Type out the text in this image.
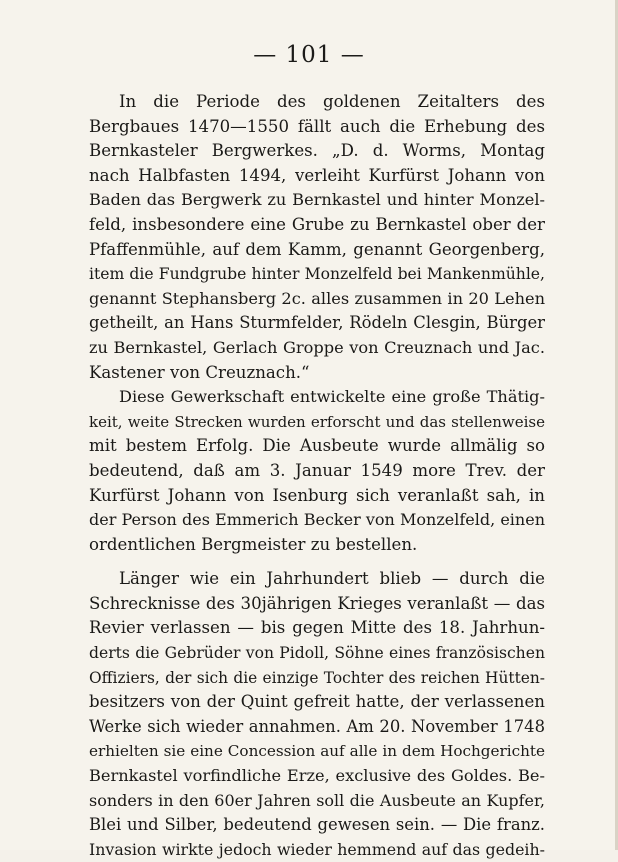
— 101 —
In die Periode des goldenen Zeitalters des
Bergbaues 1470—1550 fällt auch die Erhebung des
Bernkasteler Bergwerkes. „D. d. Worms, Montag
nach Halbfasten 1494, verleiht Kurfürst Johann von
Baden das Bergwerk zu Bernkastel und hinter Monzel-
feld, insbesondere eine Grube zu Bernkastel ober der
Pfaffenmühle, auf dem Kamm, genannt Georgenberg,
item die Fundgrube hinter Monzelfeld bei Mankenmühle,
genannt Stephansberg 2c. alles zusammen in 20 Lehen
getheilt, an Hans Sturmfelder, Rödeln Clesgin, Bürger
zu Bernkastel, Gerlach Groppe von Creuznach und Jac.
Kastener von Creuznach.“
Diese Gewerkschaft entwickelte eine große Thätig-
keit, weite Strecken wurden erforscht und das stellenweise
mit bestem Erfolg. Die Ausbeute wurde allmälig so
bedeutend, daß am 3. Januar 1549 more Trev. der
Kurfürst Johann von Isenburg sich veranlaßt sah, in
der Person des Emmerich Becker von Monzelfeld, einen
ordentlichen Bergmeister zu bestellen.
Länger wie ein Jahrhundert blieb — durch die
Schrecknisse des 30jährigen Krieges veranlaßt — das
Revier verlassen — bis gegen Mitte des 18. Jahrhun-
derts die Gebrüder von Pidoll, Söhne eines französischen
Offiziers, der sich die einzige Tochter des reichen Hütten-
besitzers von der Quint gefreit hatte, der verlassenen
Werke sich wieder annahmen. Am 20. November 1748
erhielten sie eine Concession auf alle in dem Hochgerichte
Bernkastel vorfindliche Erze, exclusive des Goldes. Be-
sonders in den 60er Jahren soll die Ausbeute an Kupfer,
Blei und Silber, bedeutend gewesen sein. — Die franz.
Invasion wirkte jedoch wieder hemmend auf das gedeih-
